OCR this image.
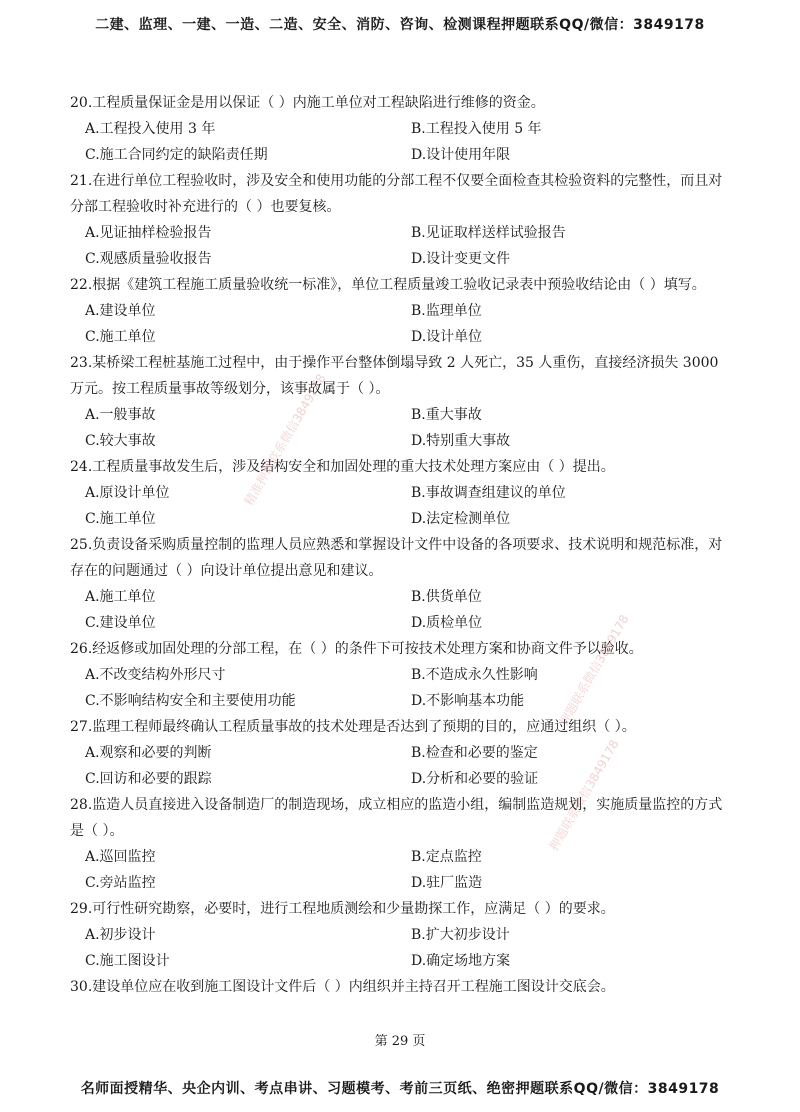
二建、监理、一建、一造、二造、安全、消防、咨询、检测课程押题联系QQ/微信：3849178
20.工程质量保证金是用以保证（ ）内施工单位对工程缺陷进行维修的资金。
A.工程投入使用 3 年	B.工程投入使用 5 年
C.施工合同约定的缺陷责任期	D.设计使用年限
21.在进行单位工程验收时，涉及安全和使用功能的分部工程不仅要全面检查其检验资料的完整性，而且对分部工程验收时补充进行的（ ）也要复核。
A.见证抽样检验报告	B.见证取样送样试验报告
C.观感质量验收报告	D.设计变更文件
22.根据《建筑工程施工质量验收统一标准》，单位工程质量竣工验收记录表中预验收结论由（ ）填写。
A.建设单位	B.监理单位
C.施工单位	D.设计单位
23.某桥梁工程桩基施工过程中，由于操作平台整体倒塌导致 2 人死亡，35 人重伤，直接经济损失 3000 万元。按工程质量事故等级划分，该事故属于（ ）。
A.一般事故	B.重大事故
C.较大事故	D.特别重大事故
24.工程质量事故发生后，涉及结构安全和加固处理的重大技术处理方案应由（ ）提出。
A.原设计单位	B.事故调查组建议的单位
C.施工单位	D.法定检测单位
25.负责设备采购质量控制的监理人员应熟悉和掌握设计文件中设备的各项要求、技术说明和规范标准，对存在的问题通过（ ）向设计单位提出意见和建议。
A.施工单位	B.供货单位
C.建设单位	D.质检单位
26.经返修或加固处理的分部工程，在（ ）的条件下可按技术处理方案和协商文件予以验收。
A.不改变结构外形尺寸	B.不造成永久性影响
C.不影响结构安全和主要使用功能	D.不影响基本功能
27.监理工程师最终确认工程质量事故的技术处理是否达到了预期的目的，应通过组织（ ）。
A.观察和必要的判断	B.检查和必要的鉴定
C.回访和必要的跟踪	D.分析和必要的验证
28.监造人员直接进入设备制造厂的制造现场，成立相应的监造小组，编制监造规划，实施质量监控的方式是（ ）。
A.巡回监控	B.定点监控
C.旁站监控	D.驻厂监造
29.可行性研究勘察，必要时，进行工程地质测绘和少量勘探工作，应满足（ ）的要求。
A.初步设计	B.扩大初步设计
C.施工图设计	D.确定场地方案
30.建设单位应在收到施工图设计文件后（ ）内组织并主持召开工程施工图设计交底会。
精准押题联系微信3849178
押题联系微信3849178
押题联系微信3849178
第 29 页
名师面授精华、央企内训、考点串讲、习题模考、考前三页纸、绝密押题联系QQ/微信：3849178
